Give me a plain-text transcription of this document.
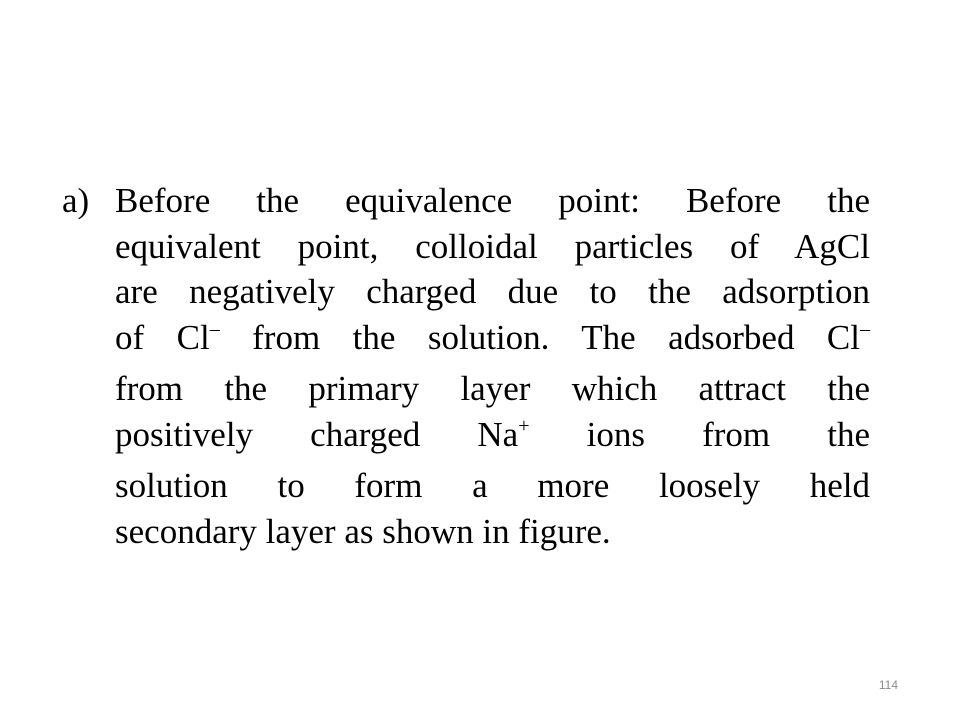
a) Before the equivalence point: Before the
equivalent point, colloidal particles of AgCl
are negatively charged due to the adsorption
of Cl– from the solution. The adsorbed Cl–
from the primary layer which attract the
positively charged Na+ ions from the
solution to form a more loosely held
secondary layer as shown in figure.
114
